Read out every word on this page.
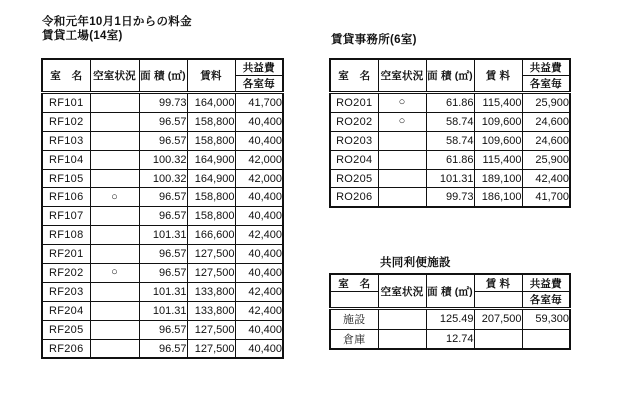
令和元年10月1日からの料金
賃貸工場(14室)
室　名	空室状況	面 積 (㎡)	賃料	共益費
				各室毎
RF101		99.73	164,000	41,700
RF102		96.57	158,800	40,400
RF103		96.57	158,800	40,400
RF104		100.32	164,900	42,000
RF105		100.32	164,900	42,000
RF106	○	96.57	158,800	40,400
RF107		96.57	158,800	40,400
RF108		101.31	166,600	42,400
RF201		96.57	127,500	40,400
RF202	○	96.57	127,500	40,400
RF203		101.31	133,800	42,400
RF204		101.31	133,800	42,400
RF205		96.57	127,500	40,400
RF206		96.57	127,500	40,400
賃貸事務所(6室)
室　名	空室状況	面 積 (㎡)	賃 料	共益費
				各室毎
RO201	○	61.86	115,400	25,900
RO202	○	58.74	109,600	24,600
RO203		58.74	109,600	24,600
RO204		61.86	115,400	25,900
RO205		101.31	189,100	42,400
RO206		99.73	186,100	41,700
共同利便施設
室　名	空室状況	面 積 (㎡)	賃 料	共益費
				各室毎
施設		125.49	207,500	59,300
倉庫		12.74		
